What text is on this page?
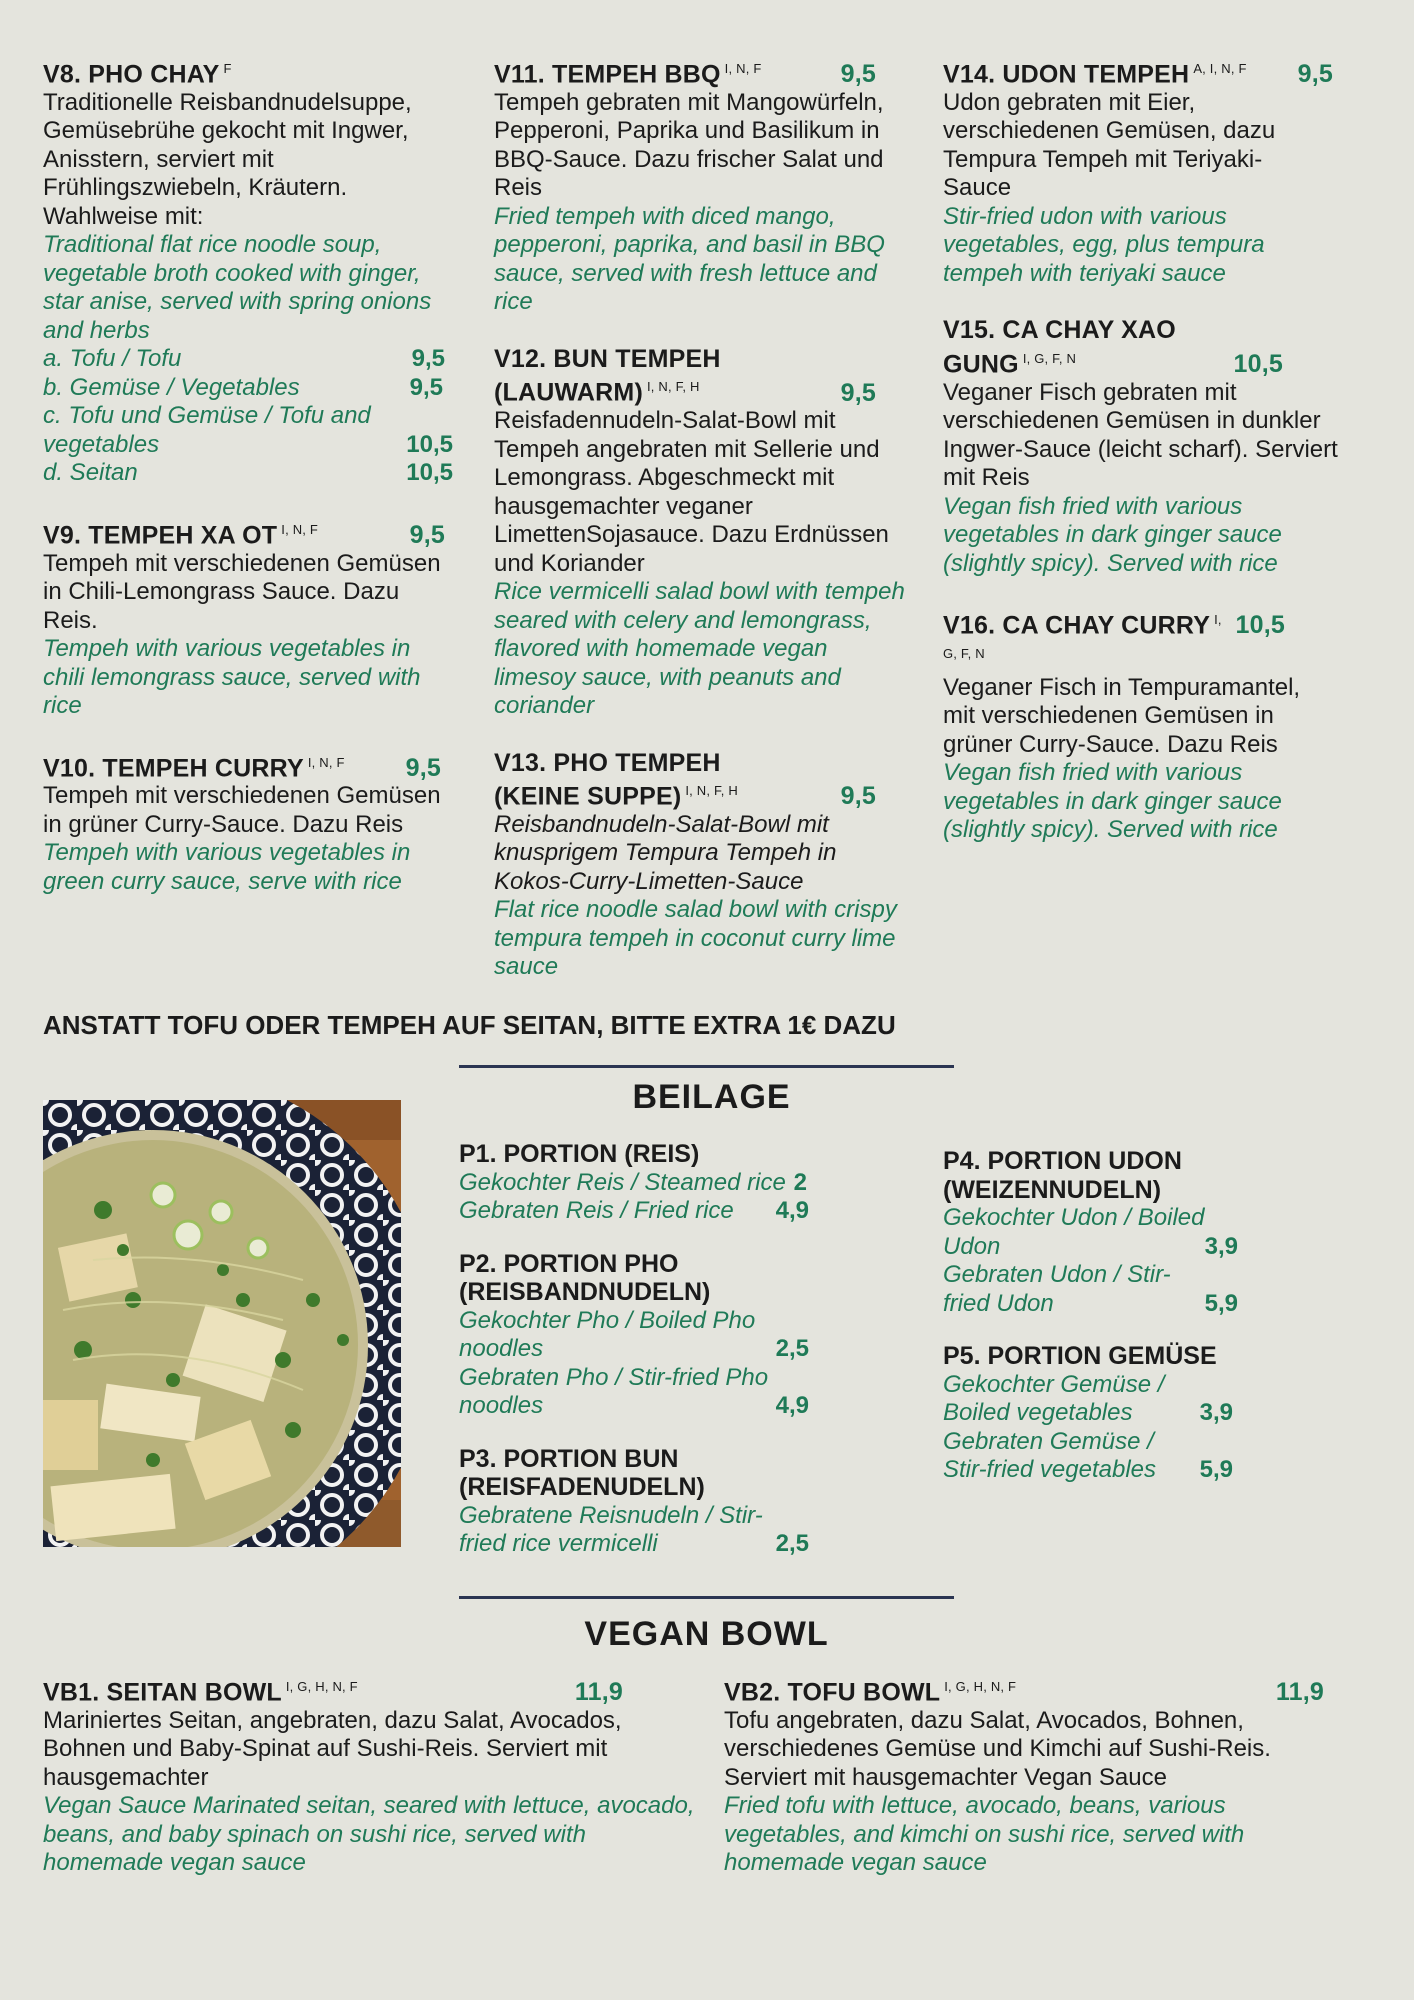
V8. PHO CHAY $^F$
Traditionelle Reisbandnudelsuppe, Gemüsebrühe gekocht mit Ingwer, Anisstern, serviert mit Frühlingszwiebeln, Kräutern. Wahlweise mit:
Traditional flat rice noodle soup, vegetable broth cooked with ginger, star anise, served with spring onions and herbs
a. Tofu / Tofu	9,5
b. Gemüse / Vegetables	9,5
c. Tofu und Gemüse / Tofu and vegetables	10,5
d. Seitan	10,5
V9. TEMPEH XA OT $^{I, N, F}$	9,5
Tempeh mit verschiedenen Gemüsen in Chili-Lemongrass Sauce. Dazu Reis.
Tempeh with various vegetables in chili lemongrass sauce, served with rice
V10. TEMPEH CURRY $^{I, N, F}$	9,5
Tempeh mit verschiedenen Gemüsen in grüner Curry-Sauce. Dazu Reis
Tempeh with various vegetables in green curry sauce, serve with rice
V11. TEMPEH BBQ $^{I, N, F}$	9,5
Tempeh gebraten mit Mangowürfeln, Pepperoni, Paprika und Basilikum in BBQ-Sauce. Dazu frischer Salat und Reis
Fried tempeh with diced mango, pepperoni, paprika, and basil in BBQ sauce, served with fresh lettuce and rice
V12. BUN TEMPEH (LAUWARM) $^{I, N, F, H}$	9,5
Reisfadennudeln-Salat-Bowl mit Tempeh angebraten mit Sellerie und Lemongrass. Abgeschmeckt mit hausgemachter veganer LimettenSojasauce. Dazu Erdnüssen und Koriander
Rice vermicelli salad bowl with tempeh seared with celery and lemongrass, flavored with homemade vegan limesoy sauce, with peanuts and coriander
V13. PHO TEMPEH (KEINE SUPPE) $^{I, N, F, H}$	9,5
Reisbandnudeln-Salat-Bowl mit knusprigem Tempura Tempeh in Kokos-Curry-Limetten-Sauce
Flat rice noodle salad bowl with crispy tempura tempeh in coconut curry lime sauce
V14. UDON TEMPEH $^{A, I, N, F}$	9,5
Udon gebraten mit Eier, verschiedenen Gemüsen, dazu Tempura Tempeh mit Teriyaki-Sauce
Stir-fried udon with various vegetables, egg, plus tempura tempeh with teriyaki sauce
V15. CA CHAY XAO GUNG $^{I, G, F, N}$	10,5
Veganer Fisch gebraten mit verschiedenen Gemüsen in dunkler Ingwer-Sauce (leicht scharf). Serviert mit Reis
Vegan fish fried with various vegetables in dark ginger sauce (slightly spicy). Served with rice
V16. CA CHAY CURRY $^{I, G, F, N}$
10,5
Veganer Fisch in Tempuramantel, mit verschiedenen Gemüsen in grüner Curry-Sauce. Dazu Reis
Vegan fish fried with various vegetables in dark ginger sauce (slightly spicy). Served with rice
ANSTATT TOFU ODER TEMPEH AUF SEITAN, BITTE EXTRA 1€ DAZU
BEILAGE
P1. PORTION (REIS)
Gekochter Reis / Steamed rice 2
Gebraten Reis / Fried rice 4,9
P2. PORTION PHO (REISBANDNUDELN)
Gekochter Pho / Boiled Pho noodles	2,5
Gebraten Pho / Stir-fried Pho noodles	4,9
P3. PORTION BUN (REISFADENUDELN)
Gebratene Reisnudeln / Stir-fried rice vermicelli	2,5
P4. PORTION UDON (WEIZENNUDELN)
Gekochter Udon / Boiled Udon	3,9
Gebraten Udon / Stir-fried Udon	5,9
P5. PORTION GEMÜSE
Gekochter Gemüse / Boiled vegetables	3,9
Gebraten Gemüse / Stir-fried vegetables	5,9
VEGAN BOWL
VB1. SEITAN BOWL $^{I, G, H, N, F}$	11,9
Mariniertes Seitan, angebraten, dazu Salat, Avocados, Bohnen und Baby-Spinat auf Sushi-Reis. Serviert mit hausgemachter
Vegan Sauce Marinated seitan, seared with lettuce, avocado, beans, and baby spinach on sushi rice, served with homemade vegan sauce
VB2. TOFU BOWL $^{I, G, H, N, F}$	11,9
Tofu angebraten, dazu Salat, Avocados, Bohnen, verschiedenes Gemüse und Kimchi auf Sushi-Reis. Serviert mit hausgemachter Vegan Sauce
Fried tofu with lettuce, avocado, beans, various vegetables, and kimchi on sushi rice, served with homemade vegan sauce
